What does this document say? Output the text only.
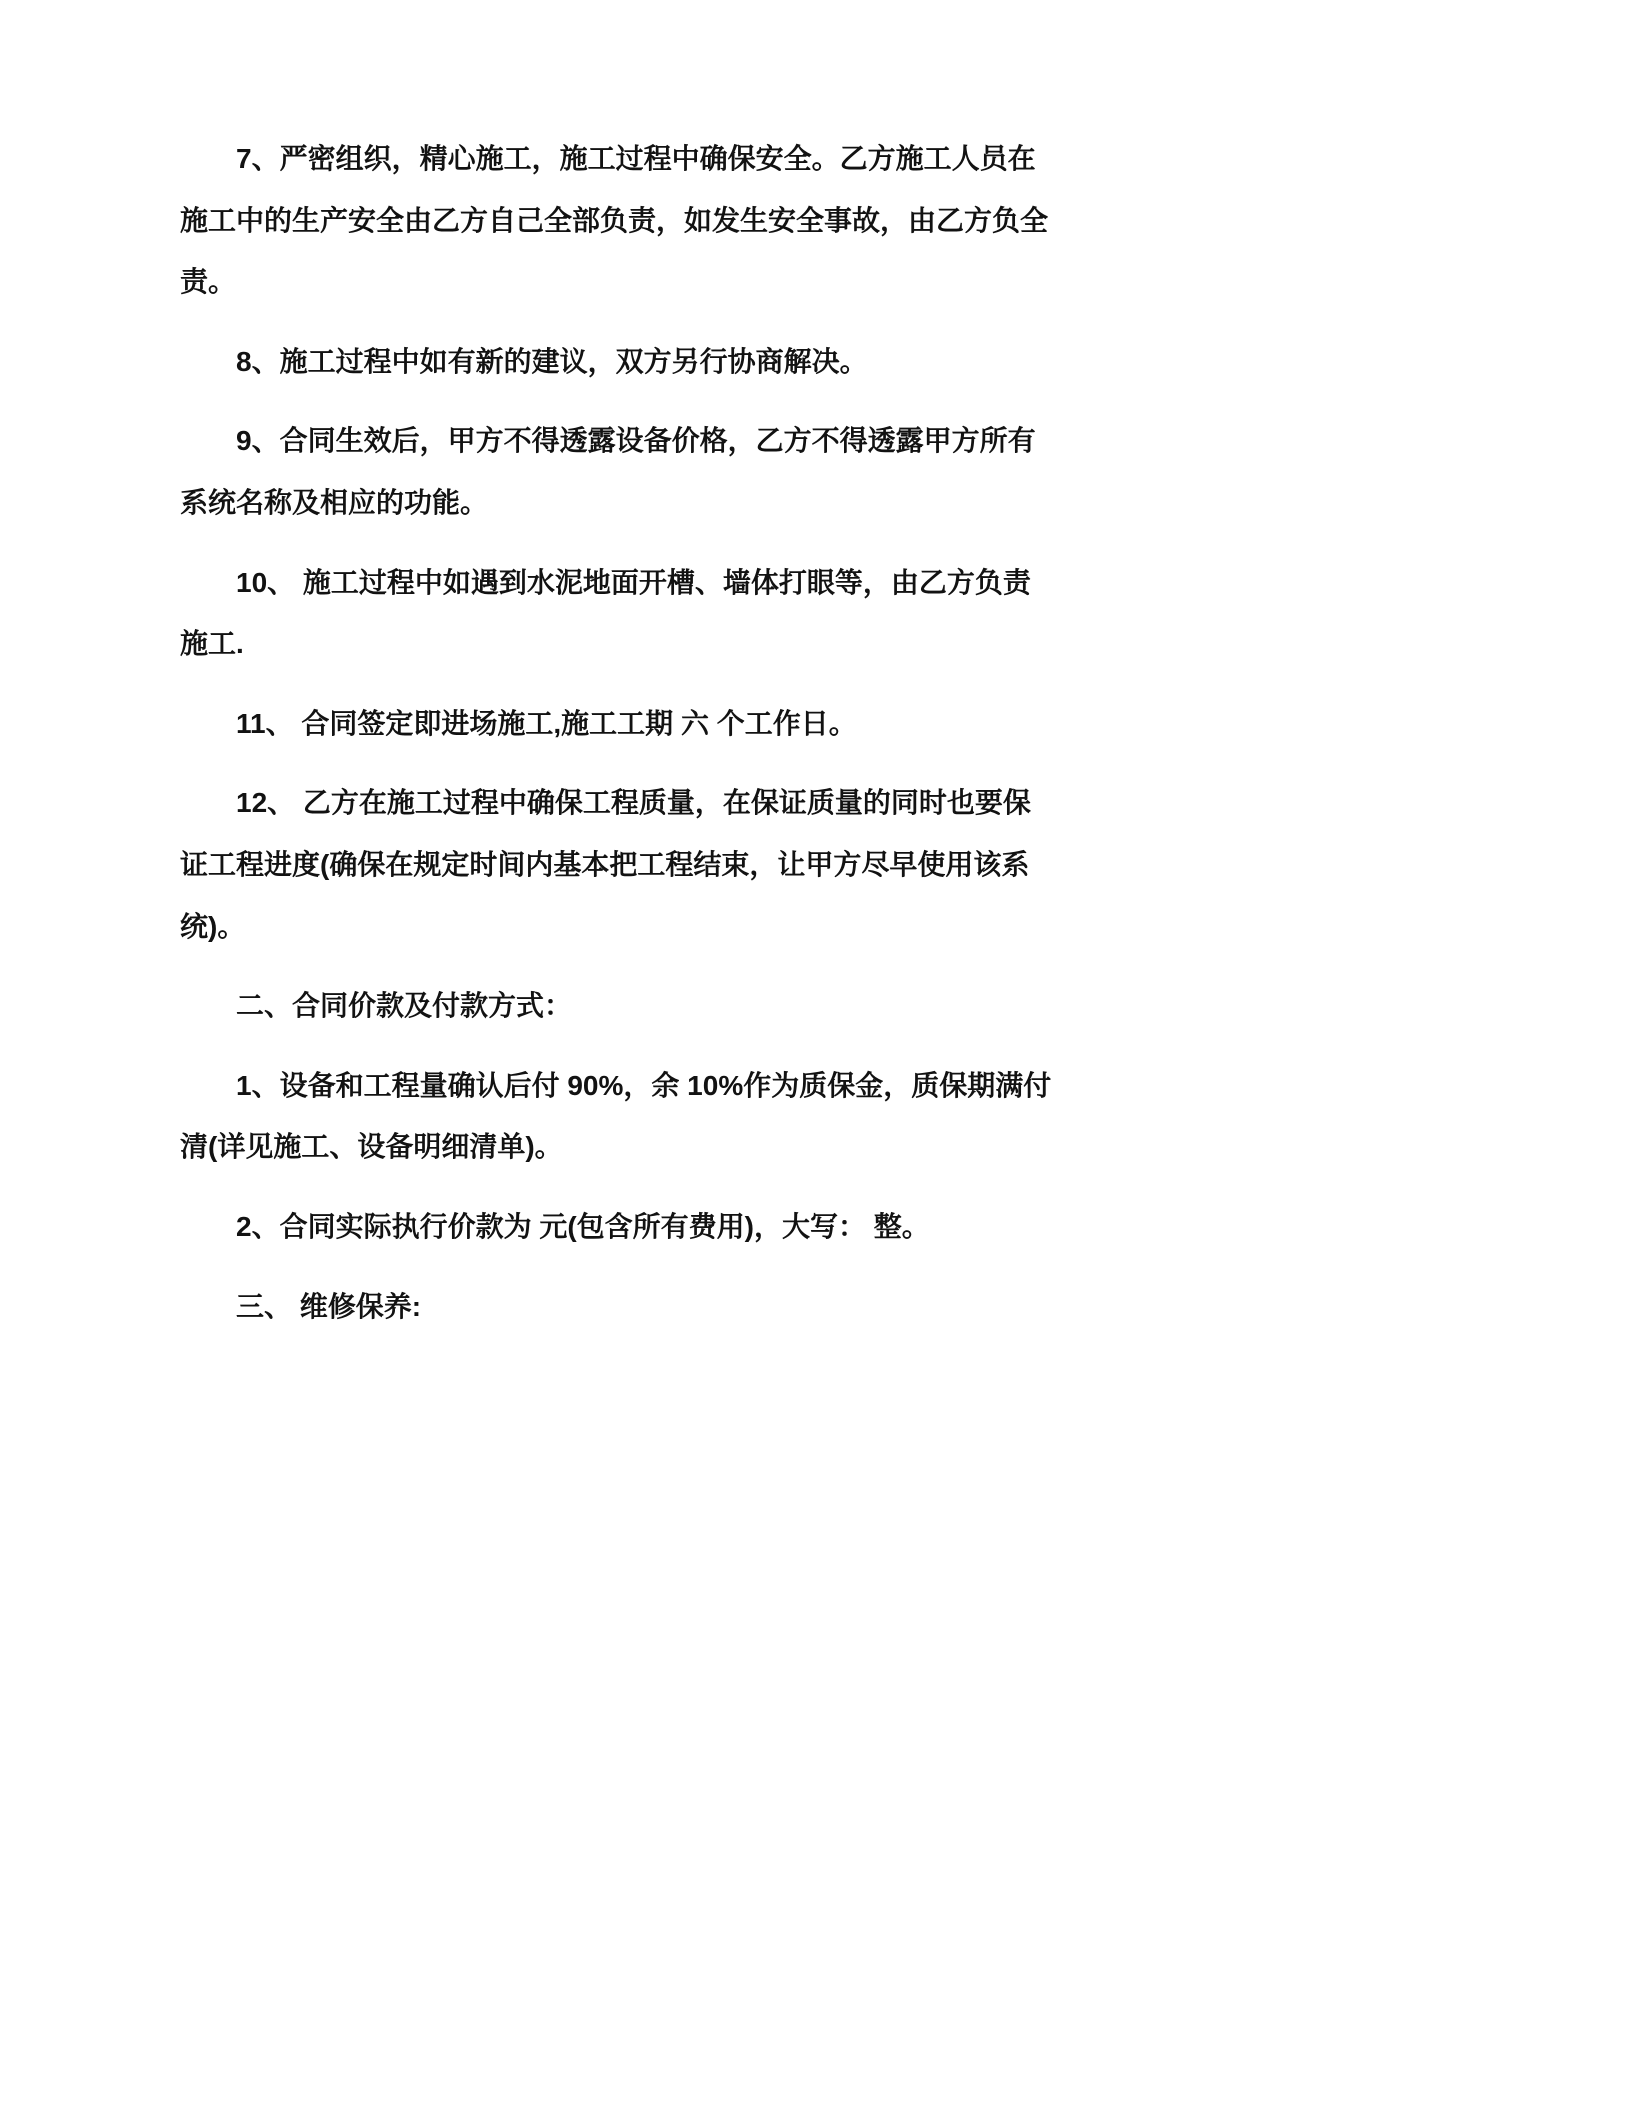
7、严密组织，精心施工，施工过程中确保安全。乙方施工人员在施工中的生产安全由乙方自己全部负责，如发生安全事故，由乙方负全责。

8、施工过程中如有新的建议，双方另行协商解决。

9、合同生效后，甲方不得透露设备价格，乙方不得透露甲方所有系统名称及相应的功能。

10、 施工过程中如遇到水泥地面开槽、墙体打眼等，由乙方负责施工.

11、 合同签定即进场施工,施工工期 六 个工作日。

12、 乙方在施工过程中确保工程质量，在保证质量的同时也要保证工程进度(确保在规定时间内基本把工程结束，让甲方尽早使用该系统)。

二、合同价款及付款方式：

1、设备和工程量确认后付 90%，余 10%作为质保金，质保期满付清(详见施工、设备明细清单)。

2、合同实际执行价款为 元(包含所有费用)，大写： 整。

三、 维修保养:
